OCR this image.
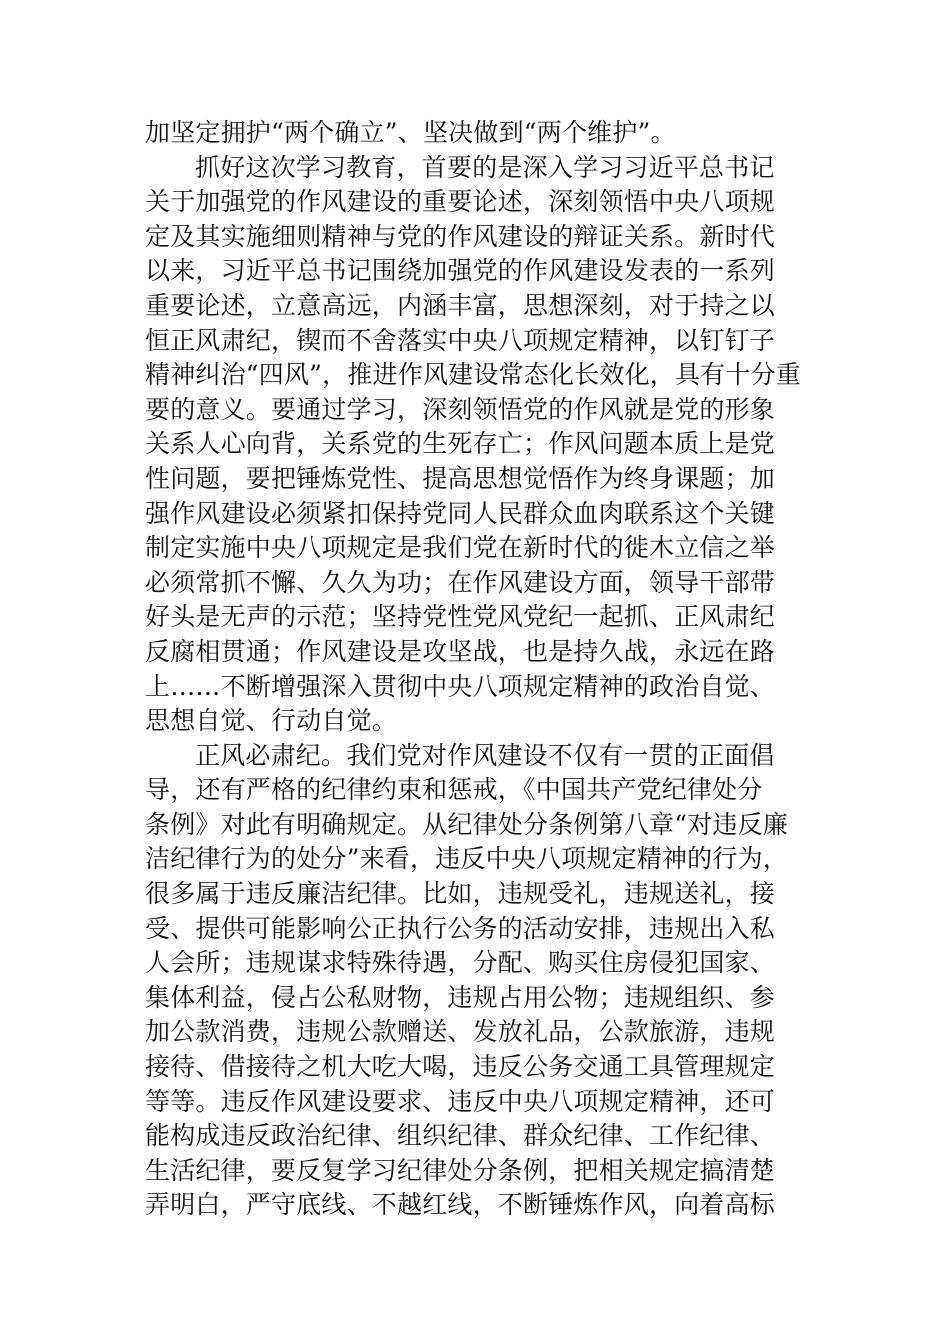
加坚定拥护“两个确立”、坚决做到“两个维护”。
抓好这次学习教育，首要的是深入学习习近平总书记
关于加强党的作风建设的重要论述，深刻领悟中央八项规
定及其实施细则精神与党的作风建设的辩证关系。新时代
以来，习近平总书记围绕加强党的作风建设发表的一系列
重要论述，立意高远，内涵丰富，思想深刻，对于持之以
恒正风肃纪，锲而不舍落实中央八项规定精神，以钉钉子
精神纠治“四风”，推进作风建设常态化长效化，具有十分重
要的意义。要通过学习，深刻领悟党的作风就是党的形象
关系人心向背，关系党的生死存亡；作风问题本质上是党
性问题，要把锤炼党性、提高思想觉悟作为终身课题；加
强作风建设必须紧扣保持党同人民群众血肉联系这个关键
制定实施中央八项规定是我们党在新时代的徙木立信之举
必须常抓不懈、久久为功；在作风建设方面，领导干部带
好头是无声的示范；坚持党性党风党纪一起抓、正风肃纪
反腐相贯通；作风建设是攻坚战，也是持久战，永远在路
上……不断增强深入贯彻中央八项规定精神的政治自觉、
思想自觉、行动自觉。
正风必肃纪。我们党对作风建设不仅有一贯的正面倡
导，还有严格的纪律约束和惩戒，《中国共产党纪律处分
条例》对此有明确规定。从纪律处分条例第八章“对违反廉
洁纪律行为的处分”来看，违反中央八项规定精神的行为，
很多属于违反廉洁纪律。比如，违规受礼，违规送礼，接
受、提供可能影响公正执行公务的活动安排，违规出入私
人会所；违规谋求特殊待遇，分配、购买住房侵犯国家、
集体利益，侵占公私财物，违规占用公物；违规组织、参
加公款消费，违规公款赠送、发放礼品，公款旅游，违规
接待、借接待之机大吃大喝，违反公务交通工具管理规定
等等。违反作风建设要求、违反中央八项规定精神，还可
能构成违反政治纪律、组织纪律、群众纪律、工作纪律、
生活纪律，要反复学习纪律处分条例，把相关规定搞清楚
弄明白，严守底线、不越红线，不断锤炼作风，向着高标
